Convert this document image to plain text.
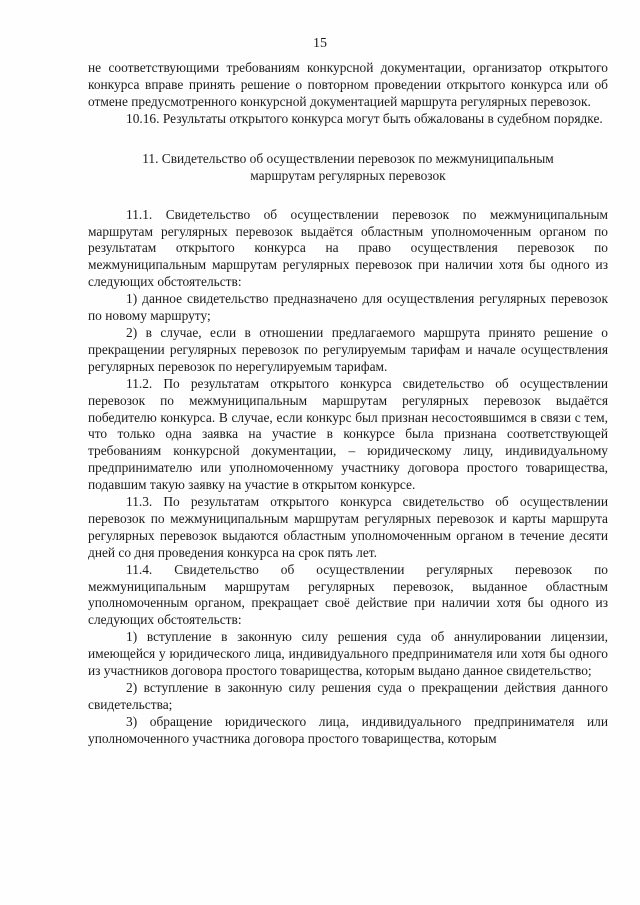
15

не соответствующими требованиям конкурсной документации, организатор открытого конкурса вправе принять решение о повторном проведении открытого конкурса или об отмене предусмотренного конкурсной документацией маршрута регулярных перевозок.

10.16. Результаты открытого конкурса могут быть обжалованы в судебном порядке.

11. Свидетельство об осуществлении перевозок по межмуниципальным
маршрутам регулярных перевозок

11.1. Свидетельство об осуществлении перевозок по межмуниципальным маршрутам регулярных перевозок выдаётся областным уполномоченным органом по результатам открытого конкурса на право осуществления перевозок по межмуниципальным маршрутам регулярных перевозок при наличии хотя бы одного из следующих обстоятельств:

1) данное свидетельство предназначено для осуществления регулярных перевозок по новому маршруту;

2) в случае, если в отношении предлагаемого маршрута принято решение о прекращении регулярных перевозок по регулируемым тарифам и начале осуществления регулярных перевозок по нерегулируемым тарифам.

11.2. По результатам открытого конкурса свидетельство об осуществлении перевозок по межмуниципальным маршрутам регулярных перевозок выдаётся победителю конкурса. В случае, если конкурс был признан несостоявшимся в связи с тем, что только одна заявка на участие в конкурсе была признана соответствующей требованиям конкурсной документации, – юридическому лицу, индивидуальному предпринимателю или уполномоченному участнику договора простого товарищества, подавшим такую заявку на участие в открытом конкурсе.

11.3. По результатам открытого конкурса свидетельство об осуществлении перевозок по межмуниципальным маршрутам регулярных перевозок и карты маршрута регулярных перевозок выдаются областным уполномоченным органом в течение десяти дней со дня проведения конкурса на срок пять лет.

11.4. Свидетельство об осуществлении регулярных перевозок по межмуниципальным маршрутам регулярных перевозок, выданное областным уполномоченным органом, прекращает своё действие при наличии хотя бы одного из следующих обстоятельств:

1) вступление в законную силу решения суда об аннулировании лицензии, имеющейся у юридического лица, индивидуального предпринимателя или хотя бы одного из участников договора простого товарищества, которым выдано данное свидетельство;

2) вступление в законную силу решения суда о прекращении действия данного свидетельства;

3) обращение юридического лица, индивидуального предпринимателя или уполномоченного участника договора простого товарищества, которым
